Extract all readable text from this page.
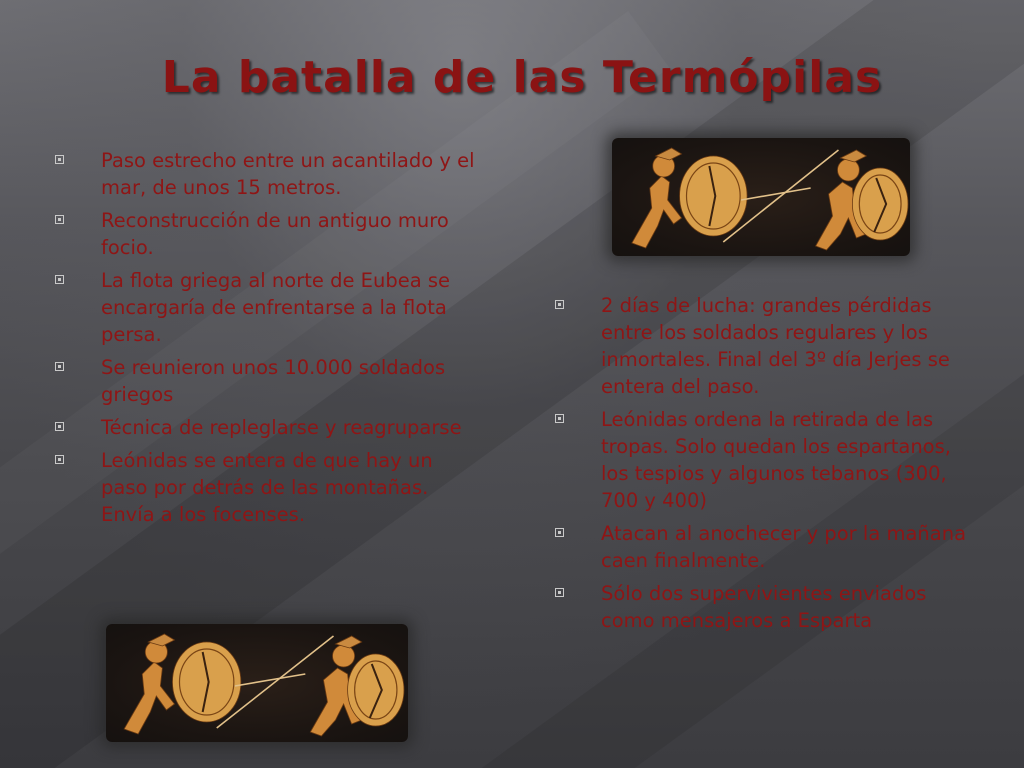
La batalla de las Termópilas
Paso estrecho entre un acantilado y el mar, de unos 15 metros.
Reconstrucción de un antiguo muro focio.
La flota griega al norte de Eubea se encargaría de enfrentarse a la flota persa.
Se reunieron unos 10.000 soldados griegos
Técnica de repleglarse y reagruparse
Leónidas se entera de que hay un paso por detrás de las montañas. Envía a los focenses.
2 días de lucha: grandes pérdidas entre los soldados regulares y los inmortales. Final del 3º día Jerjes se entera del paso.
Leónidas ordena la retirada de las tropas. Solo quedan los espartanos, los tespios y algunos tebanos (300, 700 y 400)
Atacan al anochecer y por la mañana caen finalmente.
Sólo dos supervivientes enviados como mensajeros a Esparta
